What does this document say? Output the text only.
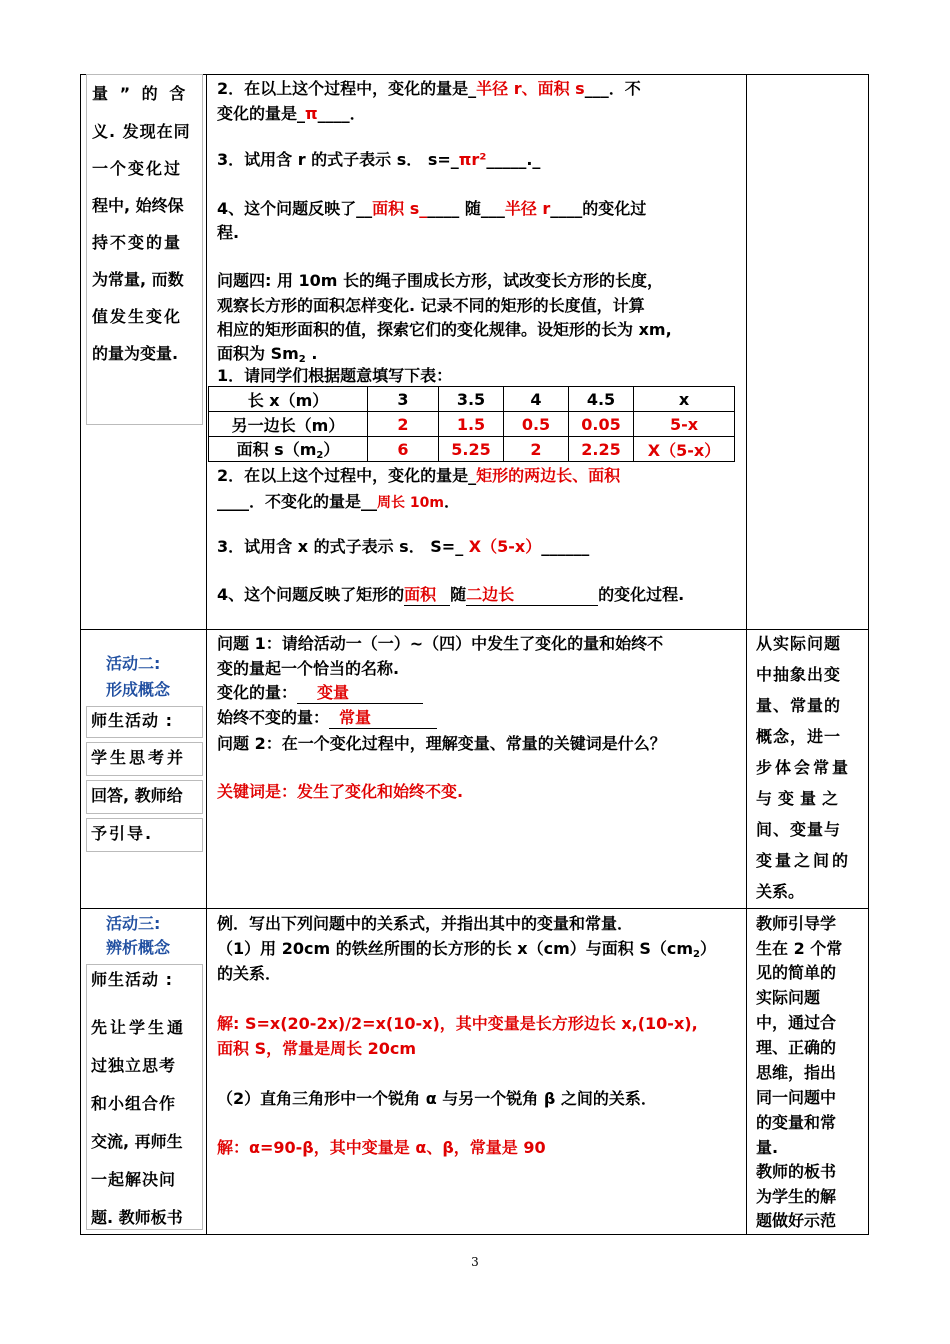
量 ” 的 含
义. 发现在同
一个变化过
程中, 始终保
持不变的量
为常量, 而数
值发生变化
的量为变量.
2．在以上这个过程中，变化的量是_半径 r、面积 s___．不
变化的量是_π____．
3．试用含 r 的式子表示 s． s=_πr²_____._
4、这个问题反映了__面积 s_____ 随___半径 r____的变化过
程.
问题四: 用 10m 长的绳子围成长方形，试改变长方形的长度，
观察长方形的面积怎样变化. 记录不同的矩形的长度值，计算
相应的矩形面积的值，探索它们的变化规律。设矩形的长为 xm,
面积为 $Sm_2$ .
1．请同学们根据题意填写下表：
长 x（m）	3	3.5	4	4.5	x
另一边长（m）	2	1.5	0.5	0.05	5-x
面积 $s(m_2)$	6	5.25	2	2.25	X（5-x）
2．在以上这个过程中，变化的量是_矩形的两边长、面积
____．不变化的量是__周长 10m．
3．试用含 x 的式子表示 s． S=_ X（5-x）______
4、这个问题反映了矩形的面积 随二边长	的变化过程.
活动二:
形成概念
师生活动 :
学生思考并
回答, 教师给
予引导.
问题 1：请给活动一（一）~（四）中发生了变化的量和始终不
变的量起一个恰当的名称.
变化的量： 变量
始终不变的量： 常量
问题 2：在一个变化过程中，理解变量、常量的关键词是什么？
关键词是：发生了变化和始终不变.
从实际问题
中抽象出变
量、常量的
概念，进一
步体会常量
与变量之
间、变量与
变量之间的
关系。
活动三:
辨析概念
师生活动 :
先让学生通
过独立思考
和小组合作
交流, 再师生
一起解决问
题. 教师板书
例．写出下列问题中的关系式，并指出其中的变量和常量．
（1）用 20cm 的铁丝所围的长方形的长 x（cm）与面积 $S(cm_2)$
的关系．
解: S=x(20-2x)/2=x(10-x)，其中变量是长方形边长 x,(10-x),
面积 S，常量是周长 20cm
（2）直角三角形中一个锐角 α 与另一个锐角 β 之间的关系．
解：α=90-β，其中变量是 α、β，常量是 90
教师引导学
生在 2 个常
见的简单的
实际问题
中，通过合
理、正确的
思维，指出
同一问题中
的变量和常
量.
教师的板书
为学生的解
题做好示范
3
